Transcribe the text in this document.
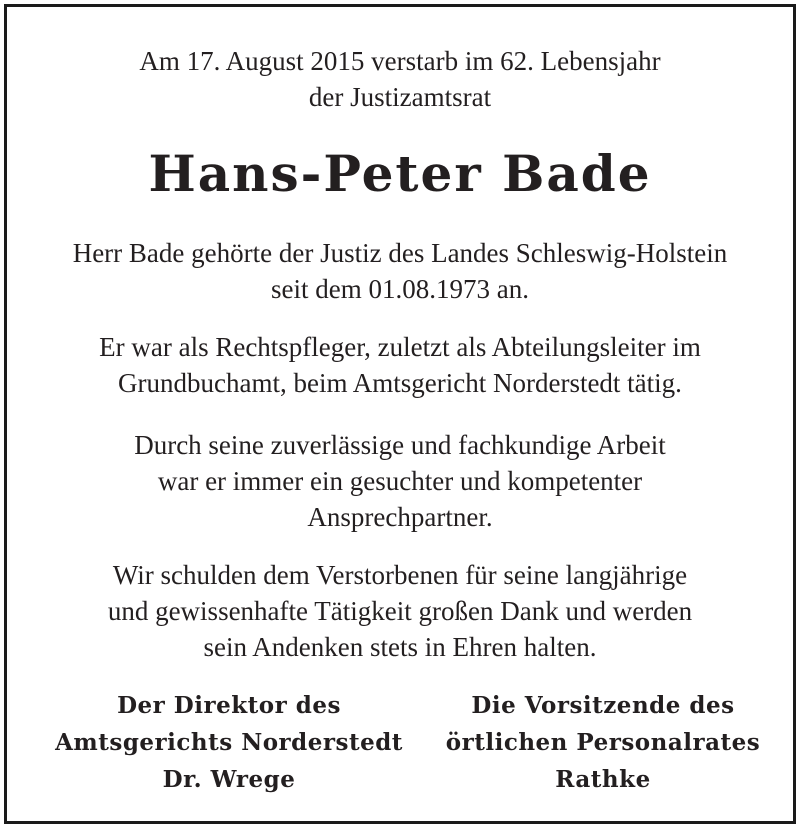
Am 17. August 2015 verstarb im 62. Lebensjahr
der Justizamtsrat
Hans-Peter Bade
Herr Bade gehörte der Justiz des Landes Schleswig-Holstein
seit dem 01.08.1973 an.
Er war als Rechtspfleger, zuletzt als Abteilungsleiter im
Grundbuchamt, beim Amtsgericht Norderstedt tätig.
Durch seine zuverlässige und fachkundige Arbeit
war er immer ein gesuchter und kompetenter
Ansprechpartner.
Wir schulden dem Verstorbenen für seine langjährige
und gewissenhafte Tätigkeit großen Dank und werden
sein Andenken stets in Ehren halten.
Der Direktor des
Amtsgerichts Norderstedt
Dr. Wrege
Die Vorsitzende des
örtlichen Personalrates
Rathke
